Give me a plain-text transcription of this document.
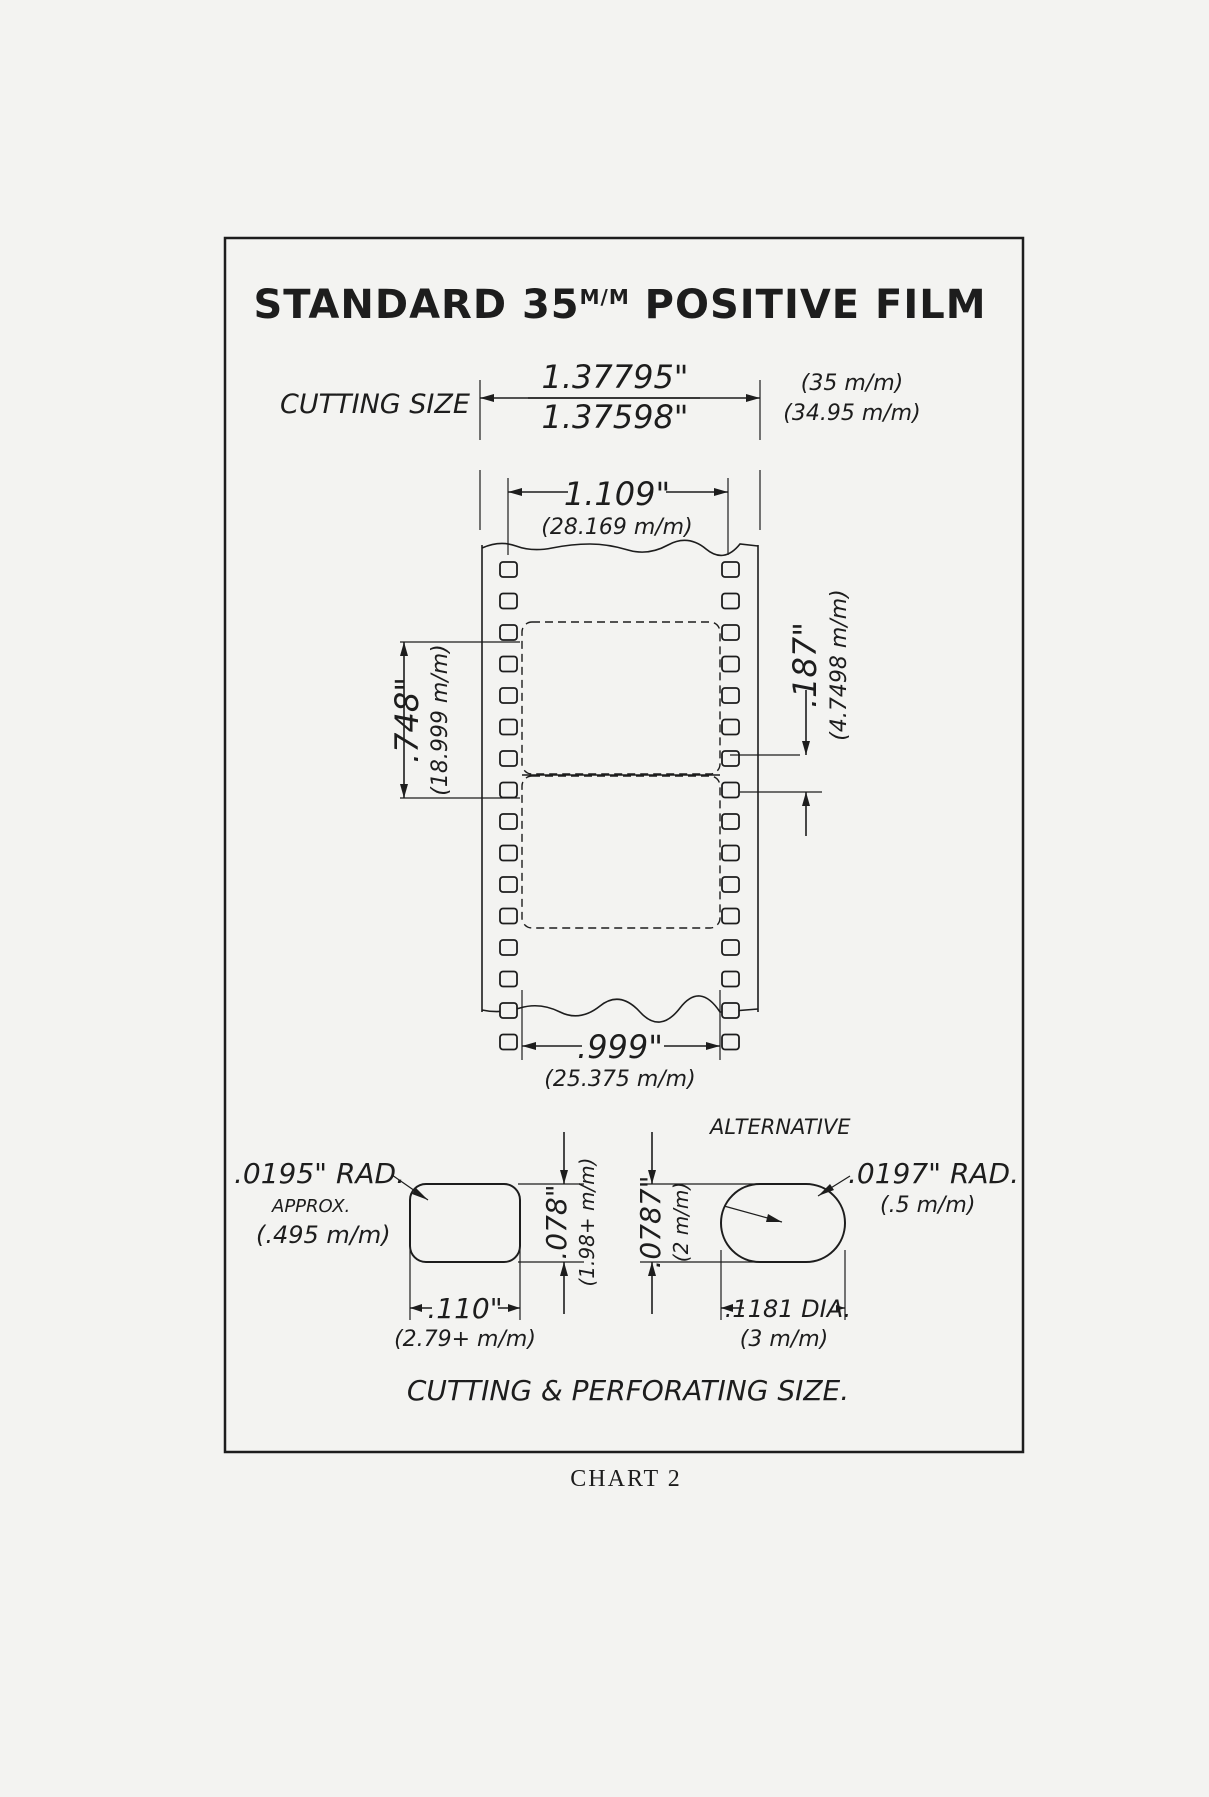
STANDARD $35^{M/M}$ POSITIVE FILM
CUTTING SIZE
1.37795"
1.37598"
(35 m/m)
(34.95 m/m)
1.109"
(28.169 m/m)
.748" (18.999 m/m)	.187" (4.7498 m/m)
.999"
(25.375 m/m)
ALTERNATIVE
.0195" RAD.
APPROX.
(.495 m/m)
.110"
(2.79+ m/m)
.078" (1.98+ m/m)	.0197" RAD.
(.5 m/m)
.0787" (2 m/m)
.1181 DIA.
(3 m/m)
CUTTING & PERFORATING SIZE.
CHART 2
